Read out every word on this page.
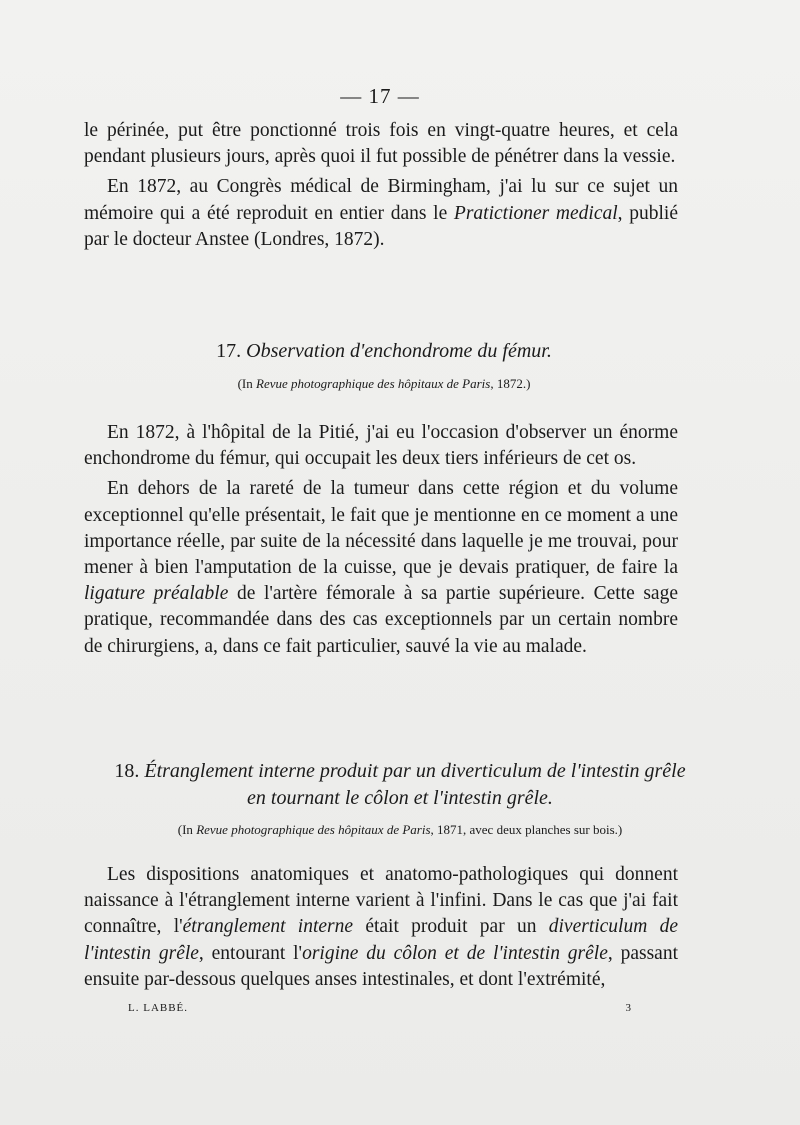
— 17 —

le périnée, put être ponctionné trois fois en vingt-quatre heures, et cela pendant plusieurs jours, après quoi il fut possible de pénétrer dans la vessie.

En 1872, au Congrès médical de Birmingham, j'ai lu sur ce sujet un mémoire qui a été reproduit en entier dans le Pratictioner medical, publié par le docteur Anstee (Londres, 1872).

17. Observation d'enchondrome du fémur.
(In Revue photographique des hôpitaux de Paris, 1872.)

En 1872, à l'hôpital de la Pitié, j'ai eu l'occasion d'observer un énorme enchondrome du fémur, qui occupait les deux tiers inférieurs de cet os.

En dehors de la rareté de la tumeur dans cette région et du volume exceptionnel qu'elle présentait, le fait que je mentionne en ce moment a une importance réelle, par suite de la nécessité dans laquelle je me trouvai, pour mener à bien l'amputation de la cuisse, que je devais pratiquer, de faire la ligature préalable de l'artère fémorale à sa partie supérieure. Cette sage pratique, recommandée dans des cas exceptionnels par un certain nombre de chirurgiens, a, dans ce fait particulier, sauvé la vie au malade.

18. Étranglement interne produit par un diverticulum de l'intestin grêle
en tournant le côlon et l'intestin grêle.
(In Revue photographique des hôpitaux de Paris, 1871, avec deux planches sur bois.)

Les dispositions anatomiques et anatomo-pathologiques qui donnent naissance à l'étranglement interne varient à l'infini. Dans le cas que j'ai fait connaître, l'étranglement interne était produit par un diverticulum de l'intestin grêle, entourant l'origine du côlon et de l'intestin grêle, passant ensuite par-dessous quelques anses intestinales, et dont l'extrémité,

L. LABBÉ.	3
